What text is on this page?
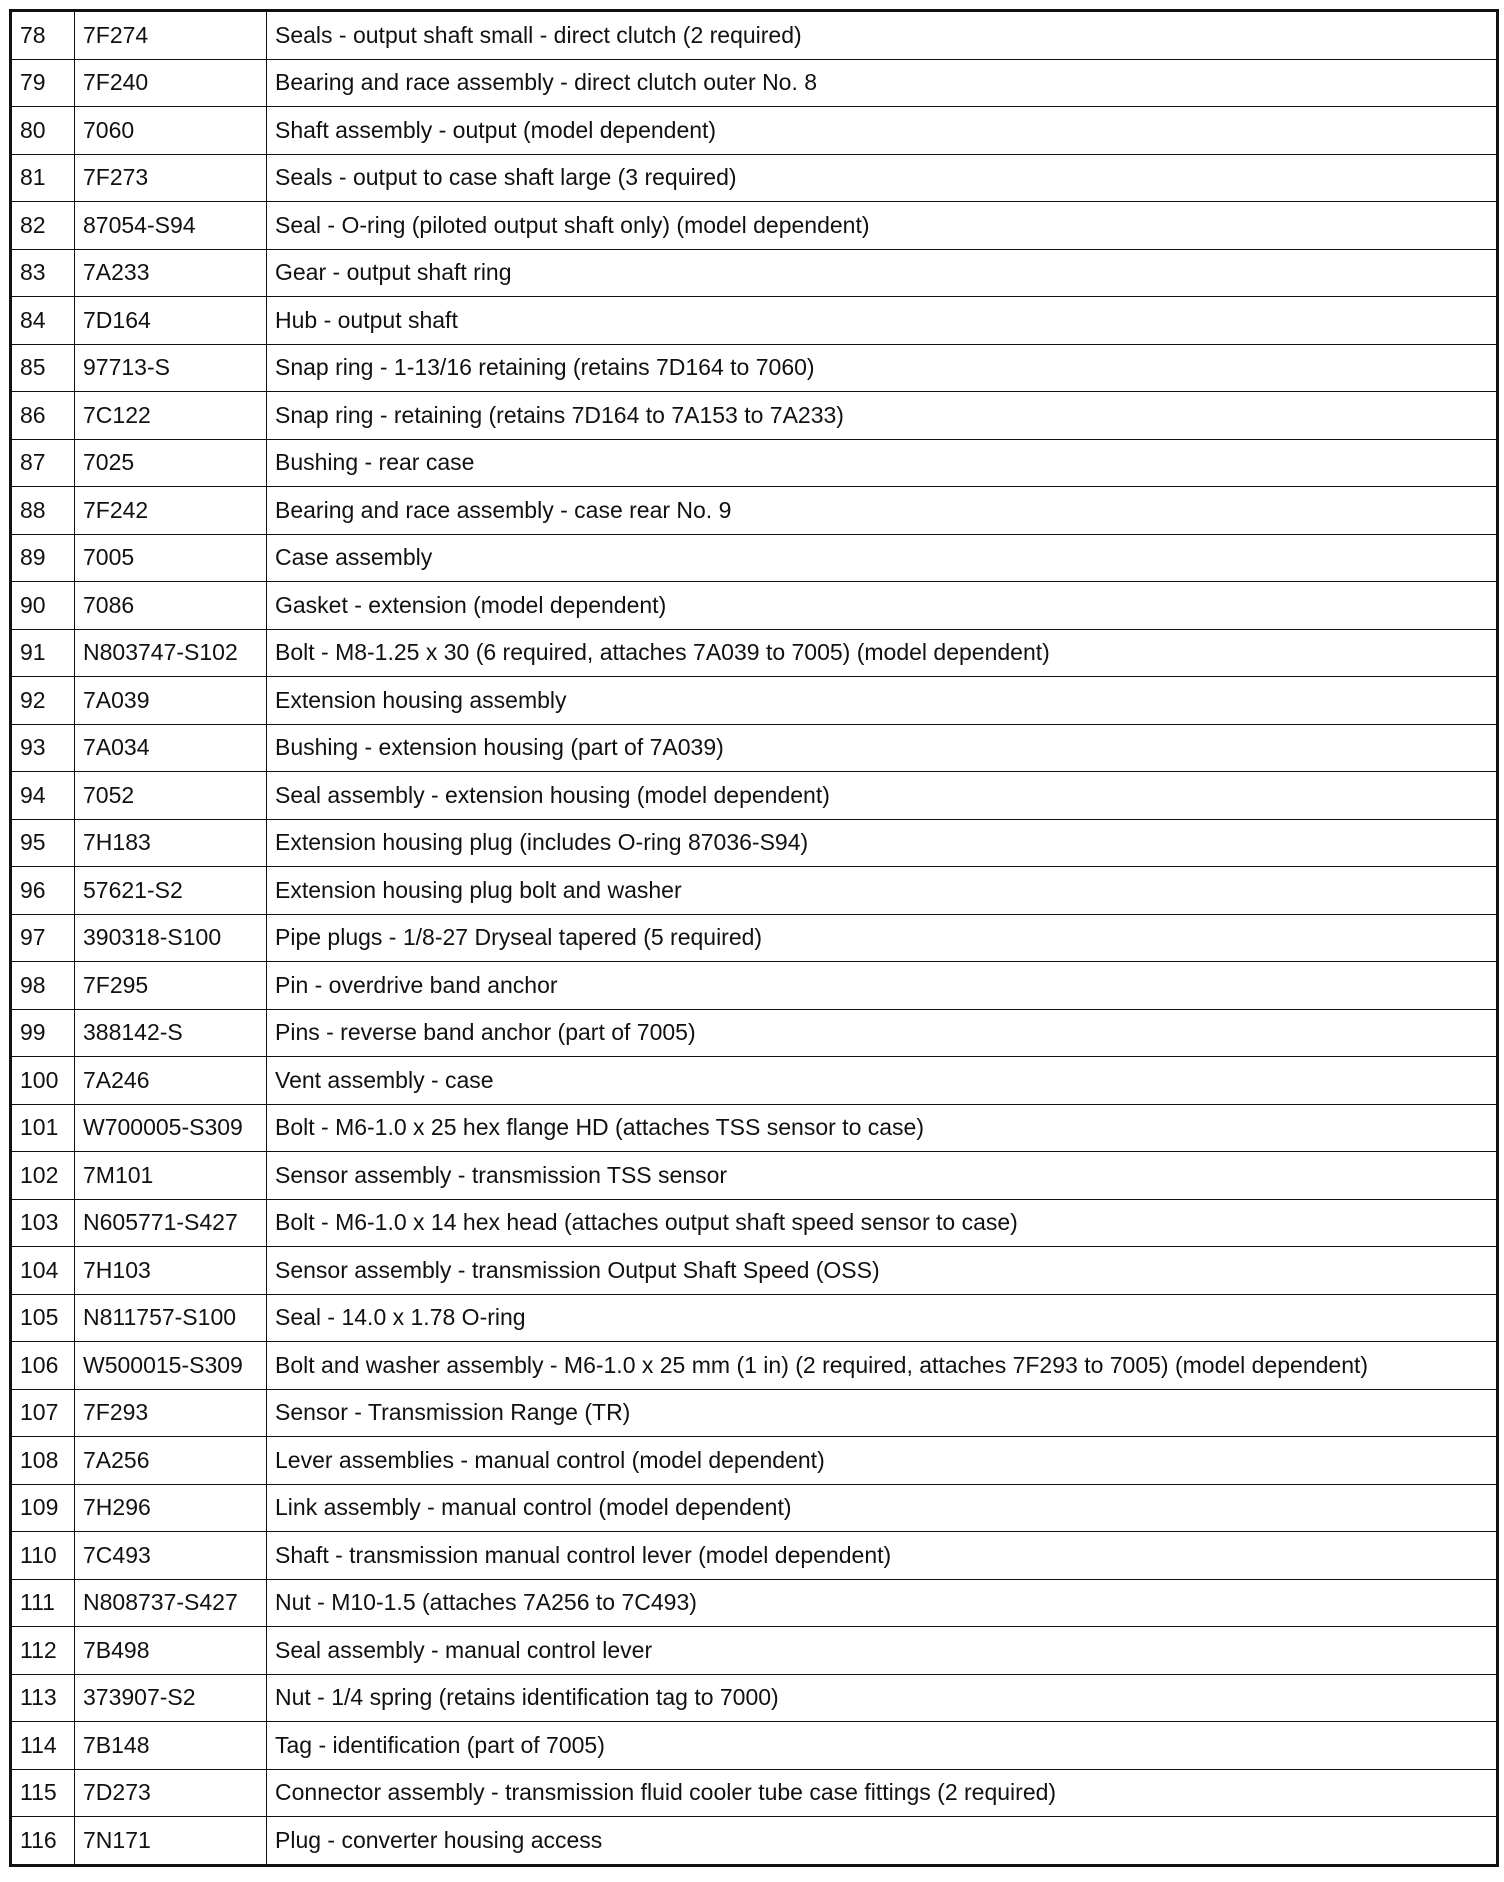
78	7F274	Seals - output shaft small - direct clutch (2 required)
79	7F240	Bearing and race assembly - direct clutch outer No. 8
80	7060	Shaft assembly - output (model dependent)
81	7F273	Seals - output to case shaft large (3 required)
82	87054-S94	Seal - O-ring (piloted output shaft only) (model dependent)
83	7A233	Gear - output shaft ring
84	7D164	Hub - output shaft
85	97713-S	Snap ring - 1-13/16 retaining (retains 7D164 to 7060)
86	7C122	Snap ring - retaining (retains 7D164 to 7A153 to 7A233)
87	7025	Bushing - rear case
88	7F242	Bearing and race assembly - case rear No. 9
89	7005	Case assembly
90	7086	Gasket - extension (model dependent)
91	N803747-S102	Bolt - M8-1.25 x 30 (6 required, attaches 7A039 to 7005) (model dependent)
92	7A039	Extension housing assembly
93	7A034	Bushing - extension housing (part of 7A039)
94	7052	Seal assembly - extension housing (model dependent)
95	7H183	Extension housing plug (includes O-ring 87036-S94)
96	57621-S2	Extension housing plug bolt and washer
97	390318-S100	Pipe plugs - 1/8-27 Dryseal tapered (5 required)
98	7F295	Pin - overdrive band anchor
99	388142-S	Pins - reverse band anchor (part of 7005)
100	7A246	Vent assembly - case
101	W700005-S309	Bolt - M6-1.0 x 25 hex flange HD (attaches TSS sensor to case)
102	7M101	Sensor assembly - transmission TSS sensor
103	N605771-S427	Bolt - M6-1.0 x 14 hex head (attaches output shaft speed sensor to case)
104	7H103	Sensor assembly - transmission Output Shaft Speed (OSS)
105	N811757-S100	Seal - 14.0 x 1.78 O-ring
106	W500015-S309	Bolt and washer assembly - M6-1.0 x 25 mm (1 in) (2 required, attaches 7F293 to 7005) (model dependent)
107	7F293	Sensor - Transmission Range (TR)
108	7A256	Lever assemblies - manual control (model dependent)
109	7H296	Link assembly - manual control (model dependent)
110	7C493	Shaft - transmission manual control lever (model dependent)
111	N808737-S427	Nut - M10-1.5 (attaches 7A256 to 7C493)
112	7B498	Seal assembly - manual control lever
113	373907-S2	Nut - 1/4 spring (retains identification tag to 7000)
114	7B148	Tag - identification (part of 7005)
115	7D273	Connector assembly - transmission fluid cooler tube case fittings (2 required)
116	7N171	Plug - converter housing access
